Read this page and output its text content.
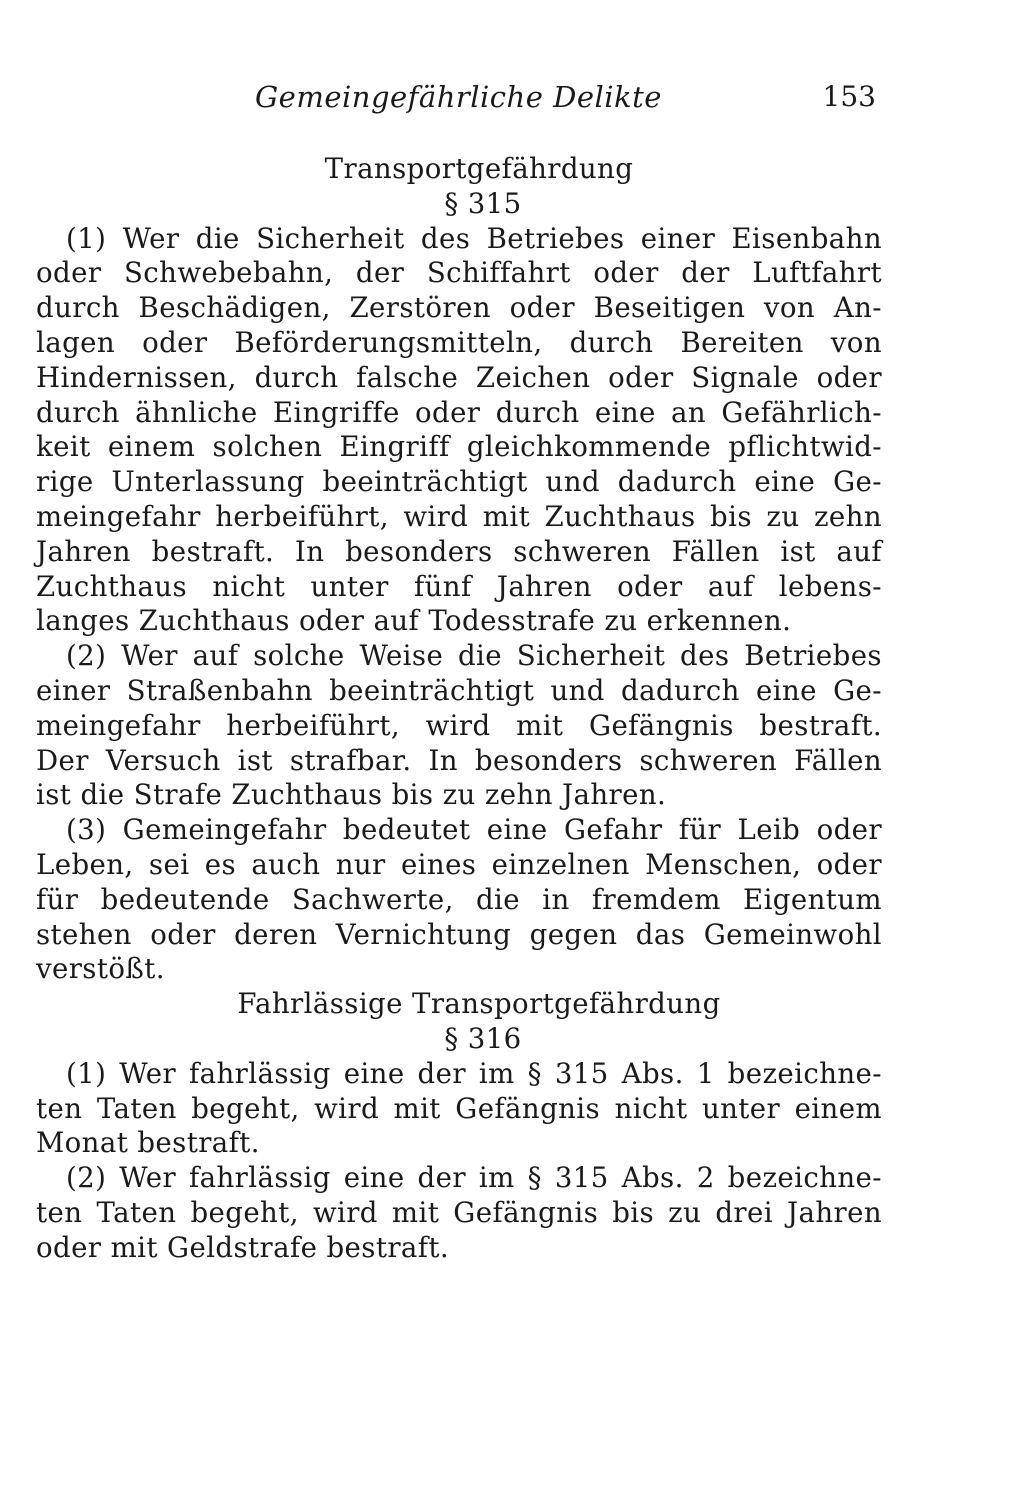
Gemeingefährliche Delikte	153
Transportgefährdung
§ 315
(1) Wer die Sicherheit des Betriebes einer Eisenbahn
oder Schwebebahn, der Schiffahrt oder der Luftfahrt
durch Beschädigen, Zerstören oder Beseitigen von An-
lagen oder Beförderungsmitteln, durch Bereiten von
Hindernissen, durch falsche Zeichen oder Signale oder
durch ähnliche Eingriffe oder durch eine an Gefährlich-
keit einem solchen Eingriff gleichkommende pflichtwid-
rige Unterlassung beeinträchtigt und dadurch eine Ge-
meingefahr herbeiführt, wird mit Zuchthaus bis zu zehn
Jahren bestraft. In besonders schweren Fällen ist auf
Zuchthaus nicht unter fünf Jahren oder auf lebens-
langes Zuchthaus oder auf Todesstrafe zu erkennen.
(2) Wer auf solche Weise die Sicherheit des Betriebes
einer Straßenbahn beeinträchtigt und dadurch eine Ge-
meingefahr herbeiführt, wird mit Gefängnis bestraft.
Der Versuch ist strafbar. In besonders schweren Fällen
ist die Strafe Zuchthaus bis zu zehn Jahren.
(3) Gemeingefahr bedeutet eine Gefahr für Leib oder
Leben, sei es auch nur eines einzelnen Menschen, oder
für bedeutende Sachwerte, die in fremdem Eigentum
stehen oder deren Vernichtung gegen das Gemeinwohl
verstößt.
Fahrlässige Transportgefährdung
§ 316
(1) Wer fahrlässig eine der im § 315 Abs. 1 bezeichne-
ten Taten begeht, wird mit Gefängnis nicht unter einem
Monat bestraft.
(2) Wer fahrlässig eine der im § 315 Abs. 2 bezeichne-
ten Taten begeht, wird mit Gefängnis bis zu drei Jahren
oder mit Geldstrafe bestraft.
